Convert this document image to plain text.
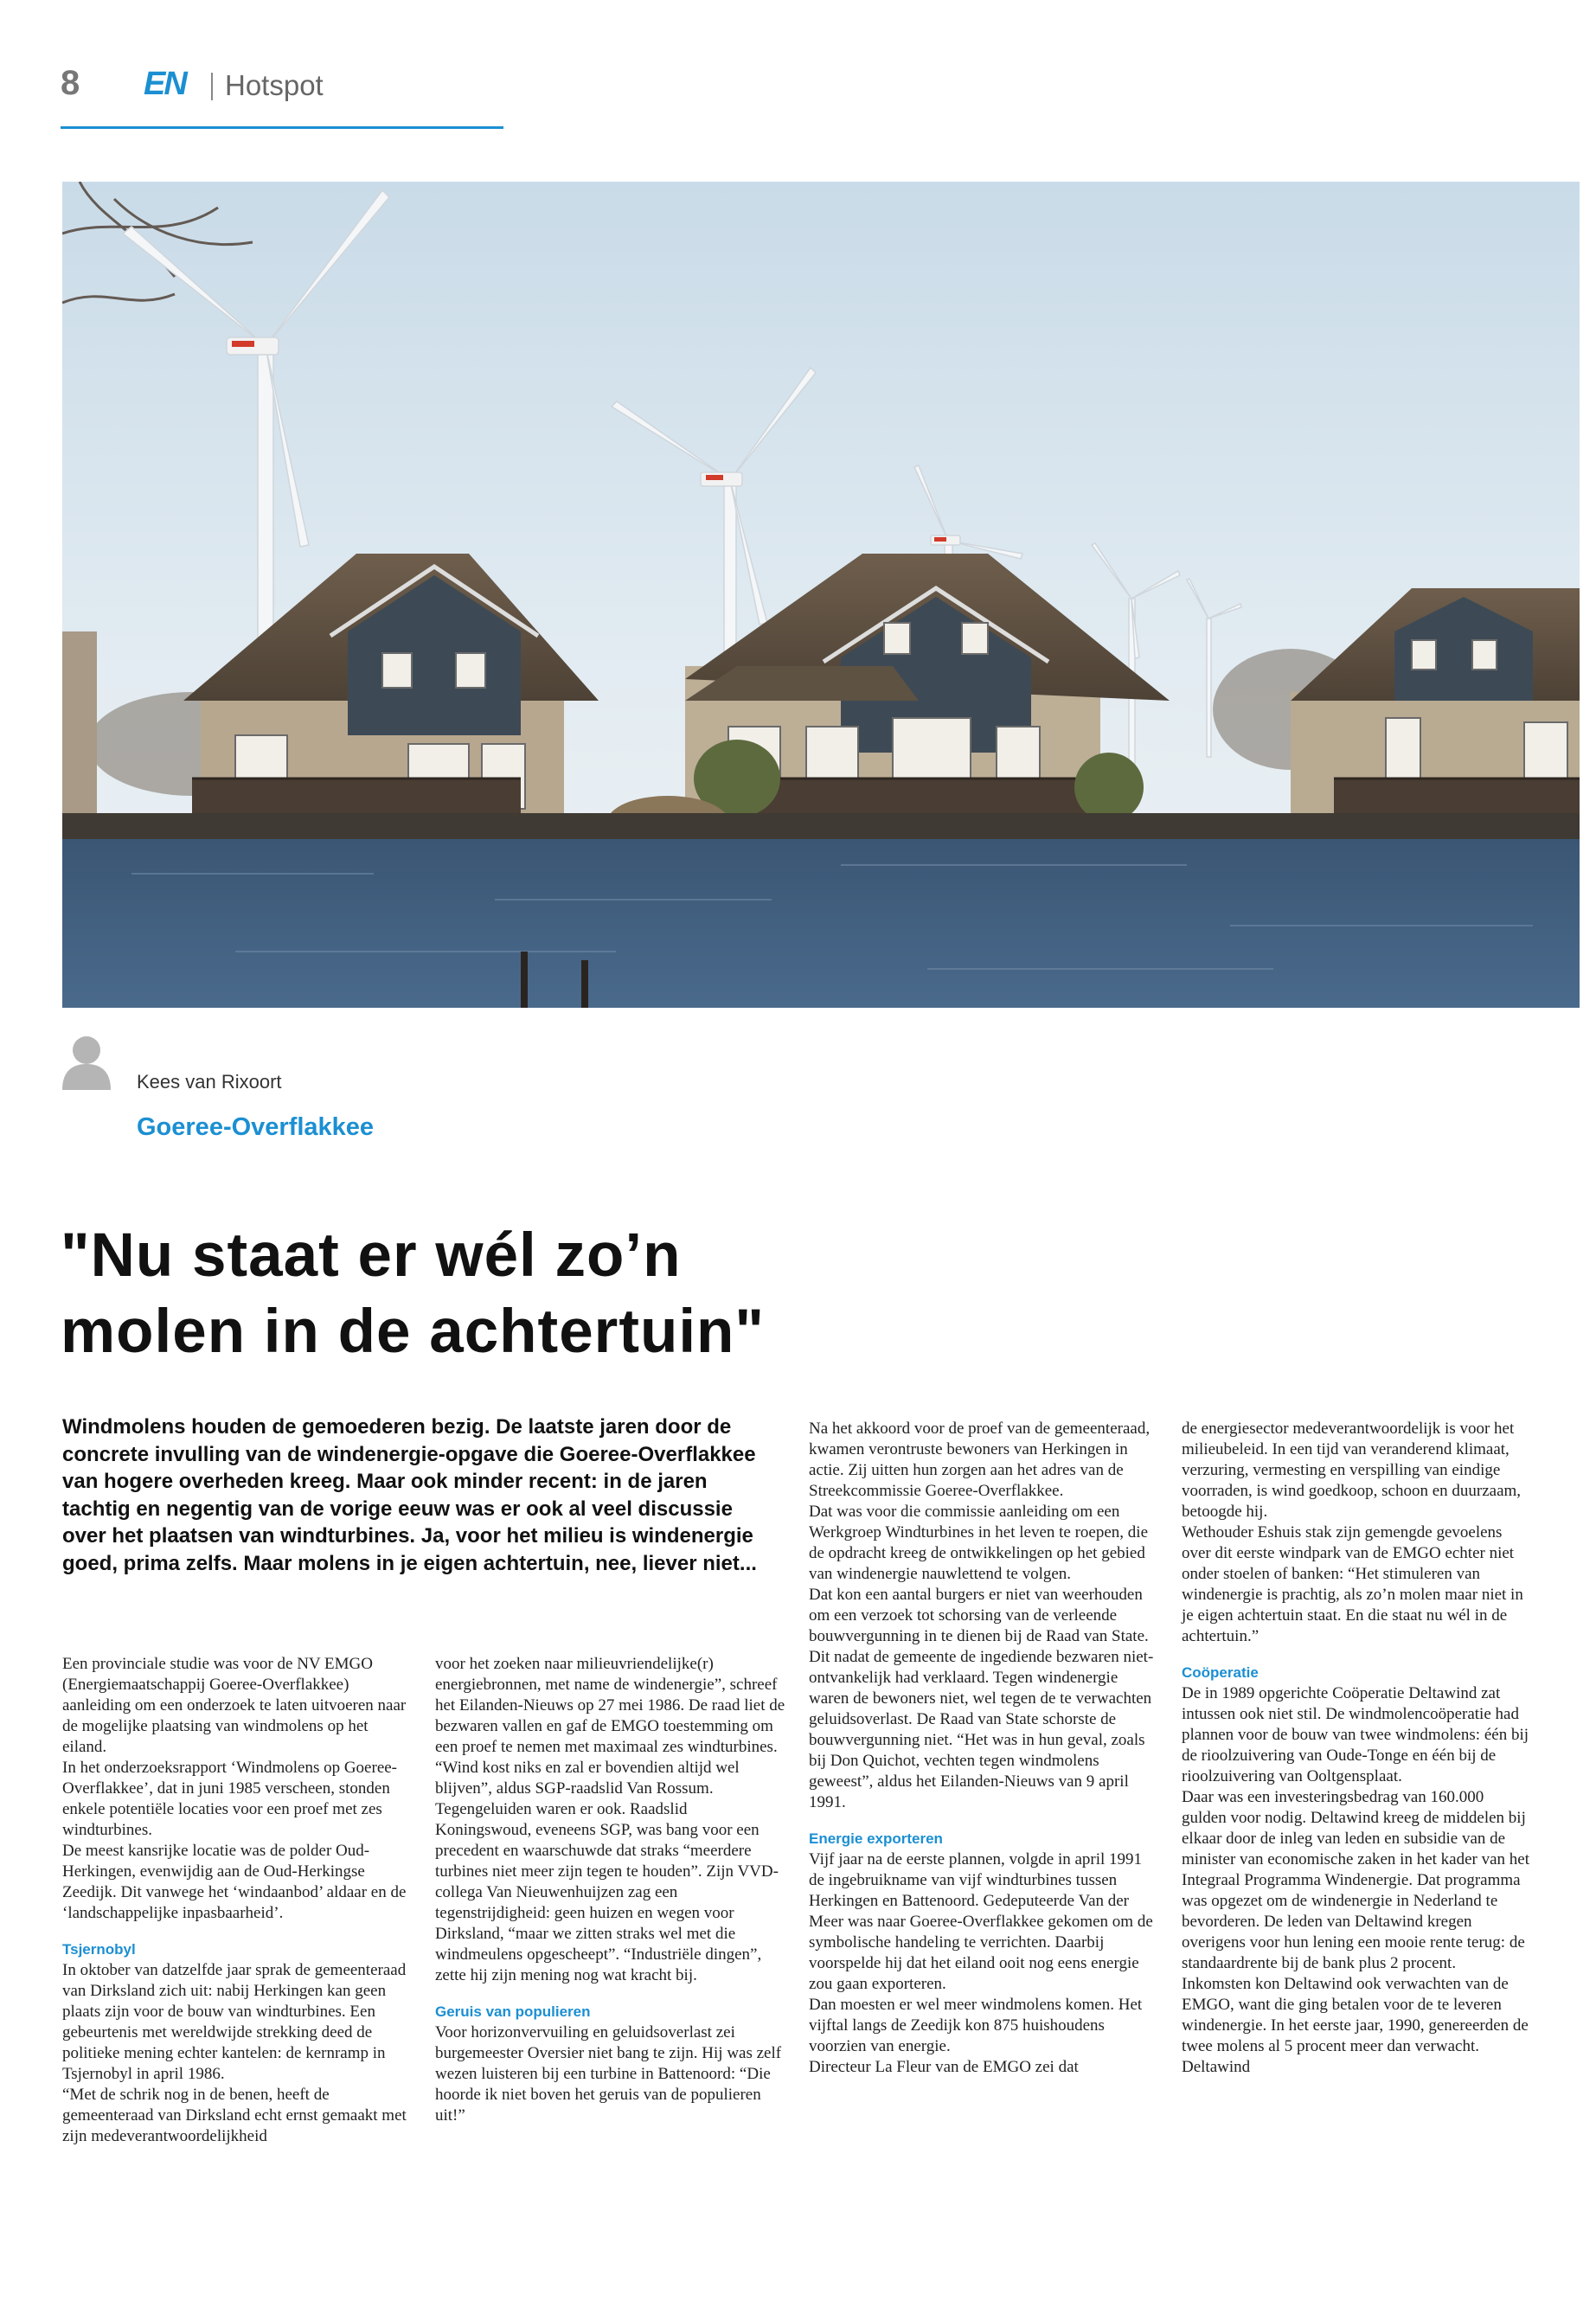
8 EN Hotspot
Kees van Rixoort
Goeree-Overflakkee
"Nu staat er wél zo’n
molen in de achtertuin"

Windmolens houden de gemoederen bezig. De laatste jaren door de concrete invulling van de windenergie-opgave die Goeree-Overflakkee van hogere overheden kreeg. Maar ook minder recent: in de jaren tachtig en negentig van de vorige eeuw was er ook al veel discussie over het plaatsen van windturbines. Ja, voor het milieu is windenergie goed, prima zelfs. Maar molens in je eigen achtertuin, nee, liever niet...

Een provinciale studie was voor de NV EMGO (Energiemaatschappij Goeree-Overflakkee) aanleiding om een onderzoek te laten uitvoeren naar de mogelijke plaatsing van windmolens op het eiland.

In het onderzoeksrapport ‘Windmolens op Goeree-Overflakkee’, dat in juni 1985 verscheen, stonden enkele potentiële locaties voor een proef met zes windturbines.

De meest kansrijke locatie was de polder Oud-Herkingen, evenwijdig aan de Oud-Herkingse Zeedijk. Dit vanwege het ‘windaanbod’ aldaar en de ‘landschappelijke inpasbaarheid’.

Tsjernobyl

In oktober van datzelfde jaar sprak de gemeenteraad van Dirksland zich uit: nabij Herkingen kan geen plaats zijn voor de bouw van windturbines. Een gebeurtenis met wereldwijde strekking deed de politieke mening echter kantelen: de kernramp in Tsjernobyl in april 1986.

“Met de schrik nog in de benen, heeft de gemeenteraad van Dirksland echt ernst gemaakt met zijn medeverantwoordelijkheid

voor het zoeken naar milieuvriendelijke(r) energiebronnen, met name de windenergie”, schreef het Eilanden-Nieuws op 27 mei 1986. De raad liet de bezwaren vallen en gaf de EMGO toestemming om een proef te nemen met maximaal zes windturbines.

“Wind kost niks en zal er bovendien altijd wel blijven”, aldus SGP-raadslid Van Rossum. Tegengeluiden waren er ook. Raadslid Koningswoud, eveneens SGP, was bang voor een precedent en waarschuwde dat straks “meerdere turbines niet meer zijn tegen te houden”. Zijn VVD-collega Van Nieuwenhuijzen zag een tegenstrijdigheid: geen huizen en wegen voor Dirksland, “maar we zitten straks wel met die windmeulens opgescheept”. “Industriële dingen”, zette hij zijn mening nog wat kracht bij.

Geruis van populieren

Voor horizonvervuiling en geluidsoverlast zei burgemeester Oversier niet bang te zijn. Hij was zelf wezen luisteren bij een turbine in Battenoord: “Die hoorde ik niet boven het geruis van de populieren uit!”

Na het akkoord voor de proef van de gemeenteraad, kwamen verontruste bewoners van Herkingen in actie. Zij uitten hun zorgen aan het adres van de Streekcommissie Goeree-Overflakkee.

Dat was voor die commissie aanleiding om een Werkgroep Windturbines in het leven te roepen, die de opdracht kreeg de ontwikkelingen op het gebied van windenergie nauwlettend te volgen.

Dat kon een aantal burgers er niet van weerhouden om een verzoek tot schorsing van de verleende bouwvergunning in te dienen bij de Raad van State. Dit nadat de gemeente de ingediende bezwaren niet-ontvankelijk had verklaard. Tegen windenergie waren de bewoners niet, wel tegen de te verwachten geluidsoverlast. De Raad van State schorste de bouwvergunning niet. “Het was in hun geval, zoals bij Don Quichot, vechten tegen windmolens geweest”, aldus het Eilanden-Nieuws van 9 april 1991.

Energie exporteren

Vijf jaar na de eerste plannen, volgde in april 1991 de ingebruikname van vijf windturbines tussen Herkingen en Battenoord. Gedeputeerde Van der Meer was naar Goeree-Overflakkee gekomen om de symbolische handeling te verrichten. Daarbij voorspelde hij dat het eiland ooit nog eens energie zou gaan exporteren.

Dan moesten er wel meer windmolens komen. Het vijftal langs de Zeedijk kon 875 huishoudens voorzien van energie.

Directeur La Fleur van de EMGO zei dat

de energiesector medeverantwoordelijk is voor het milieubeleid. In een tijd van veranderend klimaat, verzuring, vermesting en verspilling van eindige voorraden, is wind goedkoop, schoon en duurzaam, betoogde hij.

Wethouder Eshuis stak zijn gemengde gevoelens over dit eerste windpark van de EMGO echter niet onder stoelen of banken: “Het stimuleren van windenergie is prachtig, als zo’n molen maar niet in je eigen achtertuin staat. En die staat nu wél in de achtertuin.”

Coöperatie

De in 1989 opgerichte Coöperatie Deltawind zat intussen ook niet stil. De windmolencoöperatie had plannen voor de bouw van twee windmolens: één bij de rioolzuivering van Oude-Tonge en één bij de rioolzuivering van Ooltgensplaat.

Daar was een investeringsbedrag van 160.000 gulden voor nodig. Deltawind kreeg de middelen bij elkaar door de inleg van leden en subsidie van de minister van economische zaken in het kader van het Integraal Programma Windenergie. Dat programma was opgezet om de windenergie in Nederland te bevorderen. De leden van Deltawind kregen overigens voor hun lening een mooie rente terug: de standaardrente bij de bank plus 2 procent.

Inkomsten kon Deltawind ook verwachten van de EMGO, want die ging betalen voor de te leveren windenergie. In het eerste jaar, 1990, genereerden de twee molens al 5 procent meer dan verwacht. Deltawind
